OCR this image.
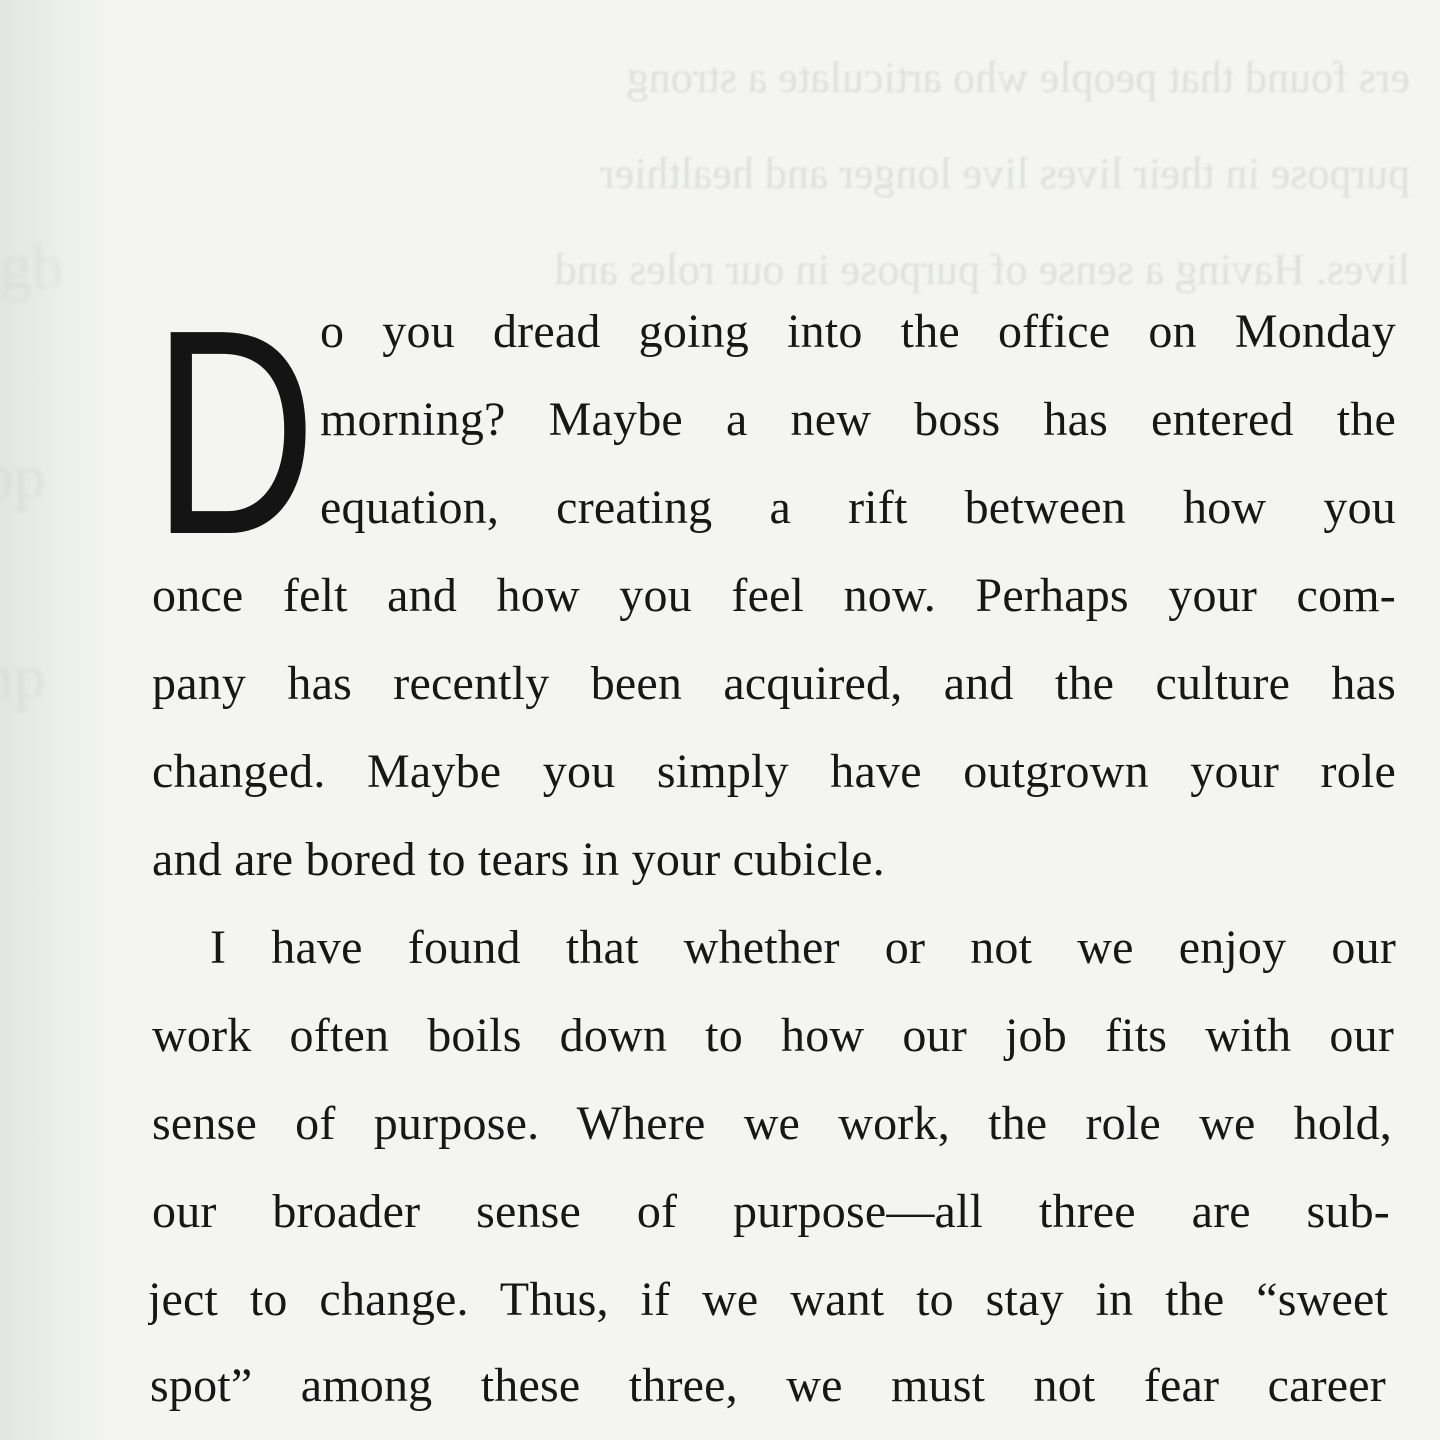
ers found that people who articulate a strong
purpose in their lives live longer and healthier
lives. Having a sense of purpose in our roles and
D o you dread going into the office on Monday
morning? Maybe a new boss has entered the
equation, creating a rift between how you
once felt and how you feel now. Perhaps your com-
pany has recently been acquired, and the culture has
changed. Maybe you simply have outgrown your role
and are bored to tears in your cubicle.
I have found that whether or not we enjoy our
work often boils down to how our job fits with our
sense of purpose. Where we work, the role we hold,
our broader sense of purpose—all three are sub-
ject to change. Thus, if we want to stay in the “sweet
spot” among these three, we must not fear career
